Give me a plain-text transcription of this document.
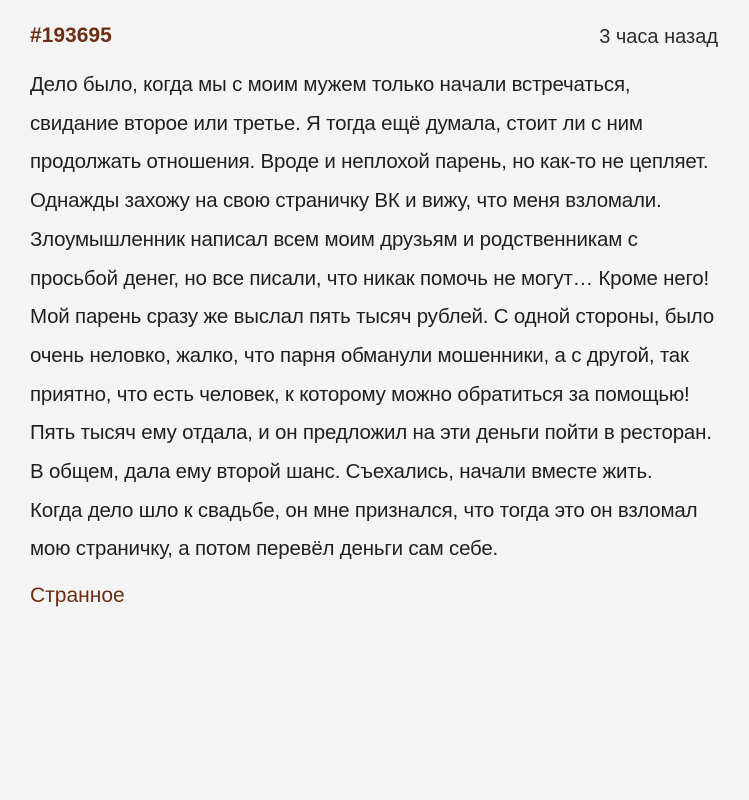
#193695	3 часа назад

Дело было, когда мы с моим мужем только начали встречаться, свидание второе или третье. Я тогда ещё думала, стоит ли с ним продолжать отношения. Вроде и неплохой парень, но как-то не цепляет.

Однажды захожу на свою страничку ВК и вижу, что меня взломали. Злоумышленник написал всем моим друзьям и родственникам с просьбой денег, но все писали, что никак помочь не могут… Кроме него! Мой парень сразу же выслал пять тысяч рублей. С одной стороны, было очень неловко, жалко, что парня обманули мошенники, а с другой, так приятно, что есть человек, к которому можно обратиться за помощью! Пять тысяч ему отдала, и он предложил на эти деньги пойти в ресторан. В общем, дала ему второй шанс. Съехались, начали вместе жить.

Когда дело шло к свадьбе, он мне признался, что тогда это он взломал мою страничку, а потом перевёл деньги сам себе.

Странное
